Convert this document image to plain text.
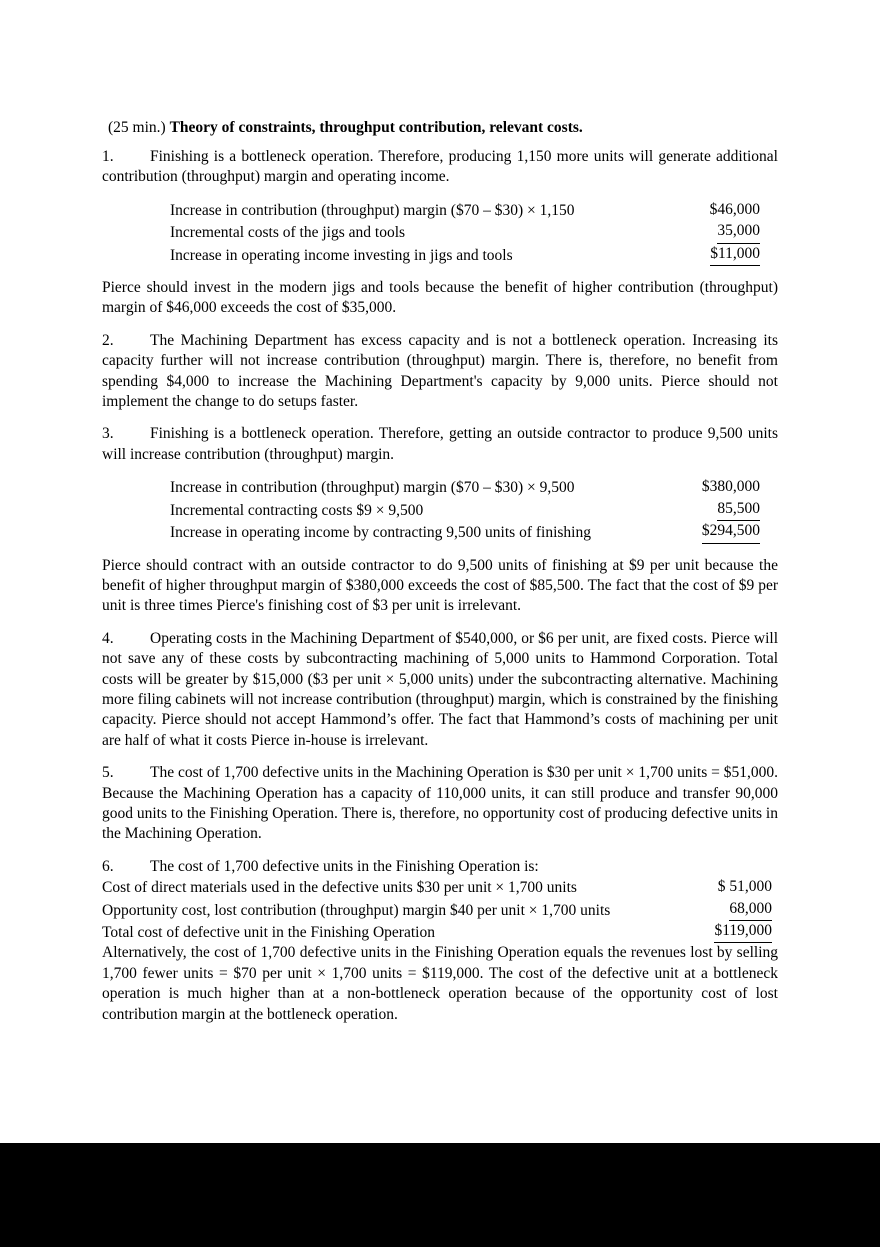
(25 min.) Theory of constraints, throughput contribution, relevant costs.

1. Finishing is a bottleneck operation. Therefore, producing 1,150 more units will generate additional contribution (throughput) margin and operating income.

Increase in contribution (throughput) margin ($70 – $30) × 1,150	$46,000
Incremental costs of the jigs and tools	35,000
Increase in operating income investing in jigs and tools	$11,000

Pierce should invest in the modern jigs and tools because the benefit of higher contribution (throughput) margin of $46,000 exceeds the cost of $35,000.

2. The Machining Department has excess capacity and is not a bottleneck operation. Increasing its capacity further will not increase contribution (throughput) margin. There is, therefore, no benefit from spending $4,000 to increase the Machining Department's capacity by 9,000 units. Pierce should not implement the change to do setups faster.

3. Finishing is a bottleneck operation. Therefore, getting an outside contractor to produce 9,500 units will increase contribution (throughput) margin.

Increase in contribution (throughput) margin ($70 – $30) × 9,500	$380,000
Incremental contracting costs $9 × 9,500	85,500
Increase in operating income by contracting 9,500 units of finishing	$294,500

Pierce should contract with an outside contractor to do 9,500 units of finishing at $9 per unit because the benefit of higher throughput margin of $380,000 exceeds the cost of $85,500. The fact that the cost of $9 per unit is three times Pierce's finishing cost of $3 per unit is irrelevant.

4. Operating costs in the Machining Department of $540,000, or $6 per unit, are fixed costs. Pierce will not save any of these costs by subcontracting machining of 5,000 units to Hammond Corporation. Total costs will be greater by $15,000 ($3 per unit × 5,000 units) under the subcontracting alternative. Machining more filing cabinets will not increase contribution (throughput) margin, which is constrained by the finishing capacity. Pierce should not accept Hammond’s offer. The fact that Hammond’s costs of machining per unit are half of what it costs Pierce in-house is irrelevant.

5. The cost of 1,700 defective units in the Machining Operation is $30 per unit × 1,700 units = $51,000. Because the Machining Operation has a capacity of 110,000 units, it can still produce and transfer 90,000 good units to the Finishing Operation. There is, therefore, no opportunity cost of producing defective units in the Machining Operation.

6. The cost of 1,700 defective units in the Finishing Operation is:

Cost of direct materials used in the defective units $30 per unit × 1,700 units	$ 51,000
Opportunity cost, lost contribution (throughput) margin $40 per unit × 1,700 units	68,000
Total cost of defective unit in the Finishing Operation	$119,000

Alternatively, the cost of 1,700 defective units in the Finishing Operation equals the revenues lost by selling 1,700 fewer units = $70 per unit × 1,700 units = $119,000. The cost of the defective unit at a bottleneck operation is much higher than at a non-bottleneck operation because of the opportunity cost of lost contribution margin at the bottleneck operation.
